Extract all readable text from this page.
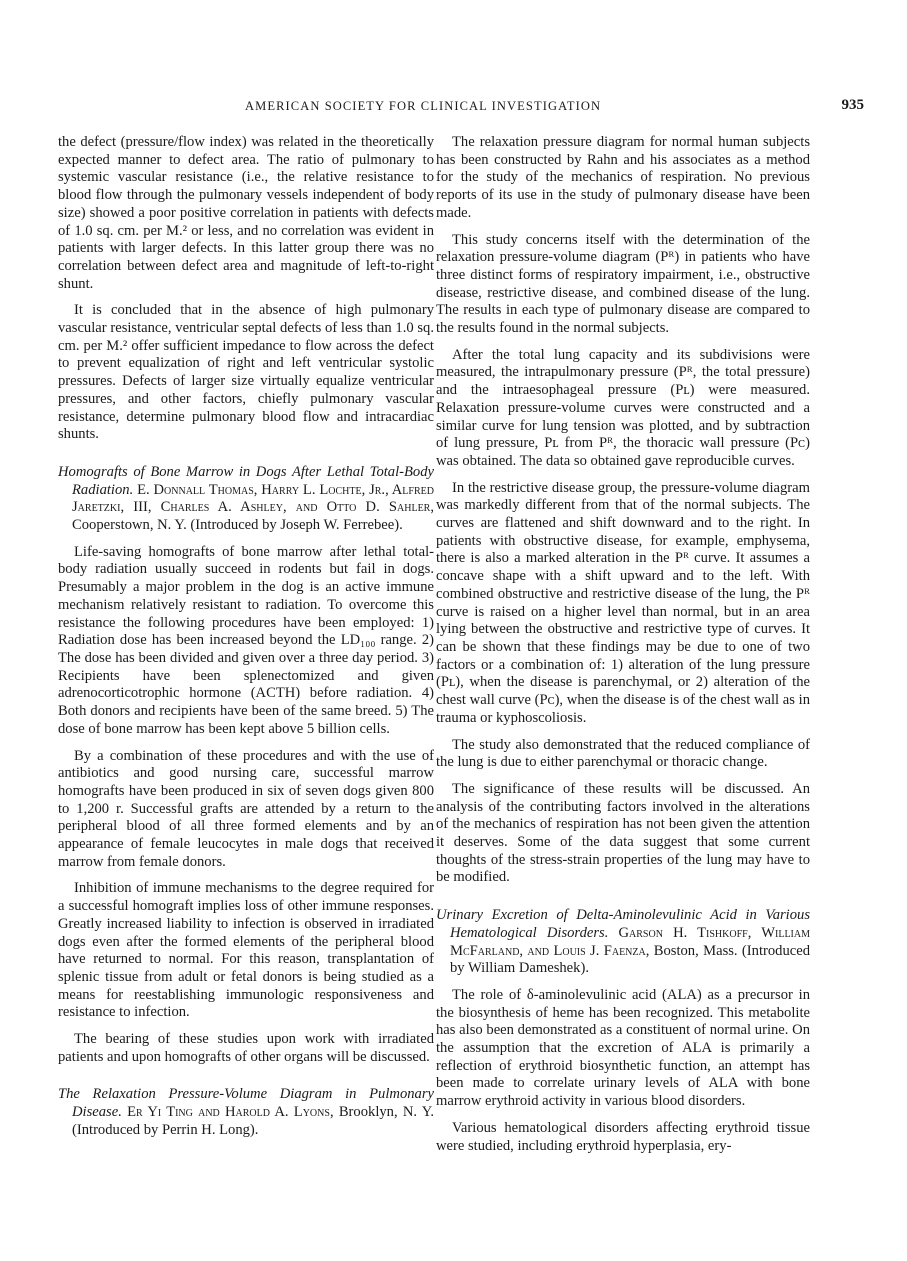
AMERICAN SOCIETY FOR CLINICAL INVESTIGATION	935

the defect (pressure/flow index) was related in the theoretically expected manner to defect area. The ratio of pulmonary to systemic vascular resistance (i.e., the relative resistance to blood flow through the pulmonary vessels independent of body size) showed a poor positive correlation in patients with defects of 1.0 sq. cm. per M.² or less, and no correlation was evident in patients with larger defects. In this latter group there was no correlation between defect area and magnitude of left-to-right shunt.

It is concluded that in the absence of high pulmonary vascular resistance, ventricular septal defects of less than 1.0 sq. cm. per M.² offer sufficient impedance to flow across the defect to prevent equalization of right and left ventricular systolic pressures. Defects of larger size virtually equalize ventricular pressures, and other factors, chiefly pulmonary vascular resistance, determine pulmonary blood flow and intracardiac shunts.

Homografts of Bone Marrow in Dogs After Lethal Total-Body Radiation. E. Donnall Thomas, Harry L. Lochte, Jr., Alfred Jaretzki, III, Charles A. Ashley, and Otto D. Sahler, Cooperstown, N. Y. (Introduced by Joseph W. Ferrebee).

Life-saving homografts of bone marrow after lethal total-body radiation usually succeed in rodents but fail in dogs. Presumably a major problem in the dog is an active immune mechanism relatively resistant to radiation. To overcome this resistance the following procedures have been employed: 1) Radiation dose has been increased beyond the LD₁₀₀ range. 2) The dose has been divided and given over a three day period. 3) Recipients have been splenectomized and given adrenocorticotrophic hormone (ACTH) before radiation. 4) Both donors and recipients have been of the same breed. 5) The dose of bone marrow has been kept above 5 billion cells.

By a combination of these procedures and with the use of antibiotics and good nursing care, successful marrow homografts have been produced in six of seven dogs given 800 to 1,200 r. Successful grafts are attended by a return to the peripheral blood of all three formed elements and by an appearance of female leucocytes in male dogs that received marrow from female donors.

Inhibition of immune mechanisms to the degree required for a successful homograft implies loss of other immune responses. Greatly increased liability to infection is observed in irradiated dogs even after the formed elements of the peripheral blood have returned to normal. For this reason, transplantation of splenic tissue from adult or fetal donors is being studied as a means for reestablishing immunologic responsiveness and resistance to infection.

The bearing of these studies upon work with irradiated patients and upon homografts of other organs will be discussed.

The Relaxation Pressure-Volume Diagram in Pulmonary Disease. Er Yi Ting and Harold A. Lyons, Brooklyn, N. Y. (Introduced by Perrin H. Long).

The relaxation pressure diagram for normal human subjects has been constructed by Rahn and his associates as a method for the study of the mechanics of respiration. No previous reports of its use in the study of pulmonary disease have been made.

This study concerns itself with the determination of the relaxation pressure-volume diagram (Pᴿ) in patients who have three distinct forms of respiratory impairment, i.e., obstructive disease, restrictive disease, and combined disease of the lung. The results in each type of pulmonary disease are compared to the results found in the normal subjects.

After the total lung capacity and its subdivisions were measured, the intrapulmonary pressure (Pᴿ, the total pressure) and the intraesophageal pressure (Pʟ) were measured. Relaxation pressure-volume curves were constructed and a similar curve for lung tension was plotted, and by subtraction of lung pressure, Pʟ from Pᴿ, the thoracic wall pressure (Pᴄ) was obtained. The data so obtained gave reproducible curves.

In the restrictive disease group, the pressure-volume diagram was markedly different from that of the normal subjects. The curves are flattened and shift downward and to the right. In patients with obstructive disease, for example, emphysema, there is also a marked alteration in the Pᴿ curve. It assumes a concave shape with a shift upward and to the left. With combined obstructive and restrictive disease of the lung, the Pᴿ curve is raised on a higher level than normal, but in an area lying between the obstructive and restrictive type of curves. It can be shown that these findings may be due to one of two factors or a combination of: 1) alteration of the lung pressure (Pʟ), when the disease is parenchymal, or 2) alteration of the chest wall curve (Pᴄ), when the disease is of the chest wall as in trauma or kyphoscoliosis.

The study also demonstrated that the reduced compliance of the lung is due to either parenchymal or thoracic change.

The significance of these results will be discussed. An analysis of the contributing factors involved in the alterations of the mechanics of respiration has not been given the attention it deserves. Some of the data suggest that some current thoughts of the stress-strain properties of the lung may have to be modified.

Urinary Excretion of Delta-Aminolevulinic Acid in Various Hematological Disorders. Garson H. Tishkoff, William McFarland, and Louis J. Faenza, Boston, Mass. (Introduced by William Dameshek).

The role of δ-aminolevulinic acid (ALA) as a precursor in the biosynthesis of heme has been recognized. This metabolite has also been demonstrated as a constituent of normal urine. On the assumption that the excretion of ALA is primarily a reflection of erythroid biosynthetic function, an attempt has been made to correlate urinary levels of ALA with bone marrow erythroid activity in various blood disorders.

Various hematological disorders affecting erythroid tissue were studied, including erythroid hyperplasia, ery-
